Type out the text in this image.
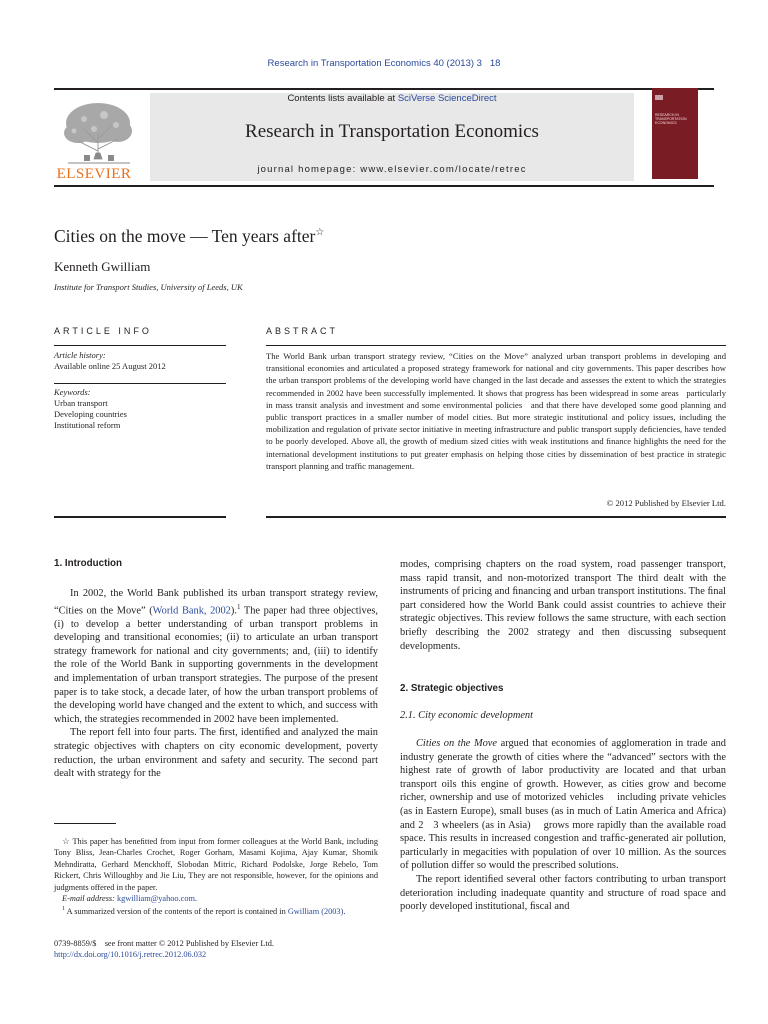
Research in Transportation Economics 40 (2013) 3   18
ELSEVIER
Contents lists available at SciVerse ScienceDirect
Research in Transportation Economics
journal homepage: www.elsevier.com/locate/retrec
RESEARCH IN TRANSPORTATION ECONOMICS
Cities on the move — Ten years after☆
Kenneth Gwilliam
Institute for Transport Studies, University of Leeds, UK
ARTICLE INFO
Article history:
Available online 25 August 2012
Keywords:
Urban transport
Developing countries
Institutional reform
ABSTRACT
The World Bank urban transport strategy review, “Cities on the Move” analyzed urban transport problems in developing and transitional economies and articulated a proposed strategy framework for national and city governments. This paper describes how the urban transport problems of the developing world have changed in the last decade and assesses the extent to which the strategies recommended in 2002 have been successfully implemented. It shows that progress has been widespread in some areas   particularly in mass transit analysis and investment and some environmental policies   and that there have developed some good planning and public transport practices in a smaller number of model cities. But more strategic institutional and policy issues, including the mobilization and regulation of private sector initiative in meeting infrastructure and public transport supply deﬁciencies, have tended to be poorly developed. Above all, the growth of medium sized cities with weak institutions and ﬁnance highlights the need for the international development institutions to put greater emphasis on helping those cities by dissemination of best practice in strategic transport planning and trafﬁc management.
© 2012 Published by Elsevier Ltd.
1. Introduction

In 2002, the World Bank published its urban transport strategy review, “Cities on the Move” (World Bank, 2002).$^1$ The paper had three objectives, (i) to develop a better understanding of urban transport problems in developing and transitional economies; (ii) to articulate an urban transport strategy framework for national and city governments; and, (iii) to identify the role of the World Bank in supporting governments in the development and implementation of urban transport strategies. The purpose of the present paper is to take stock, a decade later, of how the urban transport problems of the developing world have changed and the extent to which, and success with which, the strategies recommended in 2002 have been implemented.

The report fell into four parts. The ﬁrst, identiﬁed and analyzed the main strategic objectives with chapters on city economic development, poverty reduction, the urban environment and safety and security. The second part dealt with strategy for the

modes, comprising chapters on the road system, road passenger transport, mass rapid transit, and non-motorized transport The third dealt with the instruments of pricing and ﬁnancing and urban transport institutions. The ﬁnal part considered how the World Bank could assist countries to achieve their strategic objectives. This review follows the same structure, with each section brieﬂy describing the 2002 strategy and then discussing subsequent developments.

2. Strategic objectives
2.1. City economic development

Cities on the Move argued that economies of agglomeration in trade and industry generate the growth of cities where the “advanced” sectors with the highest rate of growth of labor productivity are located and that urban transport oils this engine of growth. However, as cities grow and become richer, ownership and use of motorized vehicles    including private vehicles (as in Eastern Europe), small buses (as in much of Latin America and Africa) and 2   3 wheelers (as in Asia)    grows more rapidly than the available road space. This results in increased congestion and trafﬁc-generated air pollution, particularly in megacities with population of over 10 million. As the sources of pollution differ so would the prescribed solutions.

The report identiﬁed several other factors contributing to urban transport deterioration including inadequate quantity and structure of road space and poorly developed institutional, ﬁscal and

☆ This paper has beneﬁtted from input from former colleagues at the World Bank, including Tony Bliss, Jean-Charles Crochet, Roger Gorham, Masami Kojima, Ajay Kumar, Shomik Mehndiratta, Gerhard Menckhoff, Slobodan Mitric, Richard Podolske, Jorge Rebelo, Tom Rickert, Chris Willoughby and Jie Liu, They are not responsible, however, for the opinions and judgments offered in the paper.
E-mail address: kgwilliam@yahoo.com.
$^1$ A summarized version of the contents of the report is contained in Gwilliam (2003).
0739-8859/$    see front matter © 2012 Published by Elsevier Ltd.
http://dx.doi.org/10.1016/j.retrec.2012.06.032
